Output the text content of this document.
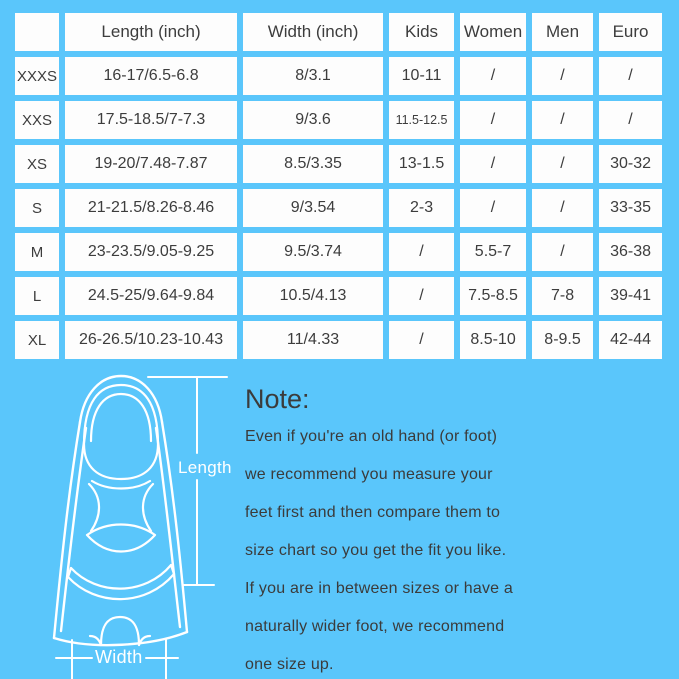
	Length (inch)	Width (inch)	Kids	Women	Men	Euro
XXXS	16-17/6.5-6.8	8/3.1	10-11	/	/	/
XXS	17.5-18.5/7-7.3	9/3.6	11.5-12.5	/	/	/
XS	19-20/7.48-7.87	8.5/3.35	13-1.5	/	/	30-32
S	21-21.5/8.26-8.46	9/3.54	2-3	/	/	33-35
M	23-23.5/9.05-9.25	9.5/3.74	/	5.5-7	/	36-38
L	24.5-25/9.64-9.84	10.5/4.13	/	7.5-8.5	7-8	39-41
XL	26-26.5/10.23-10.43	11/4.33	/	8.5-10	8-9.5	42-44
Length
Width

Note:

Even if you're an old hand (or foot)

we recommend you measure your

feet first and then compare them to

size chart so you get the fit you like.

If you are in between sizes or have a

naturally wider foot, we recommend

one size up.
